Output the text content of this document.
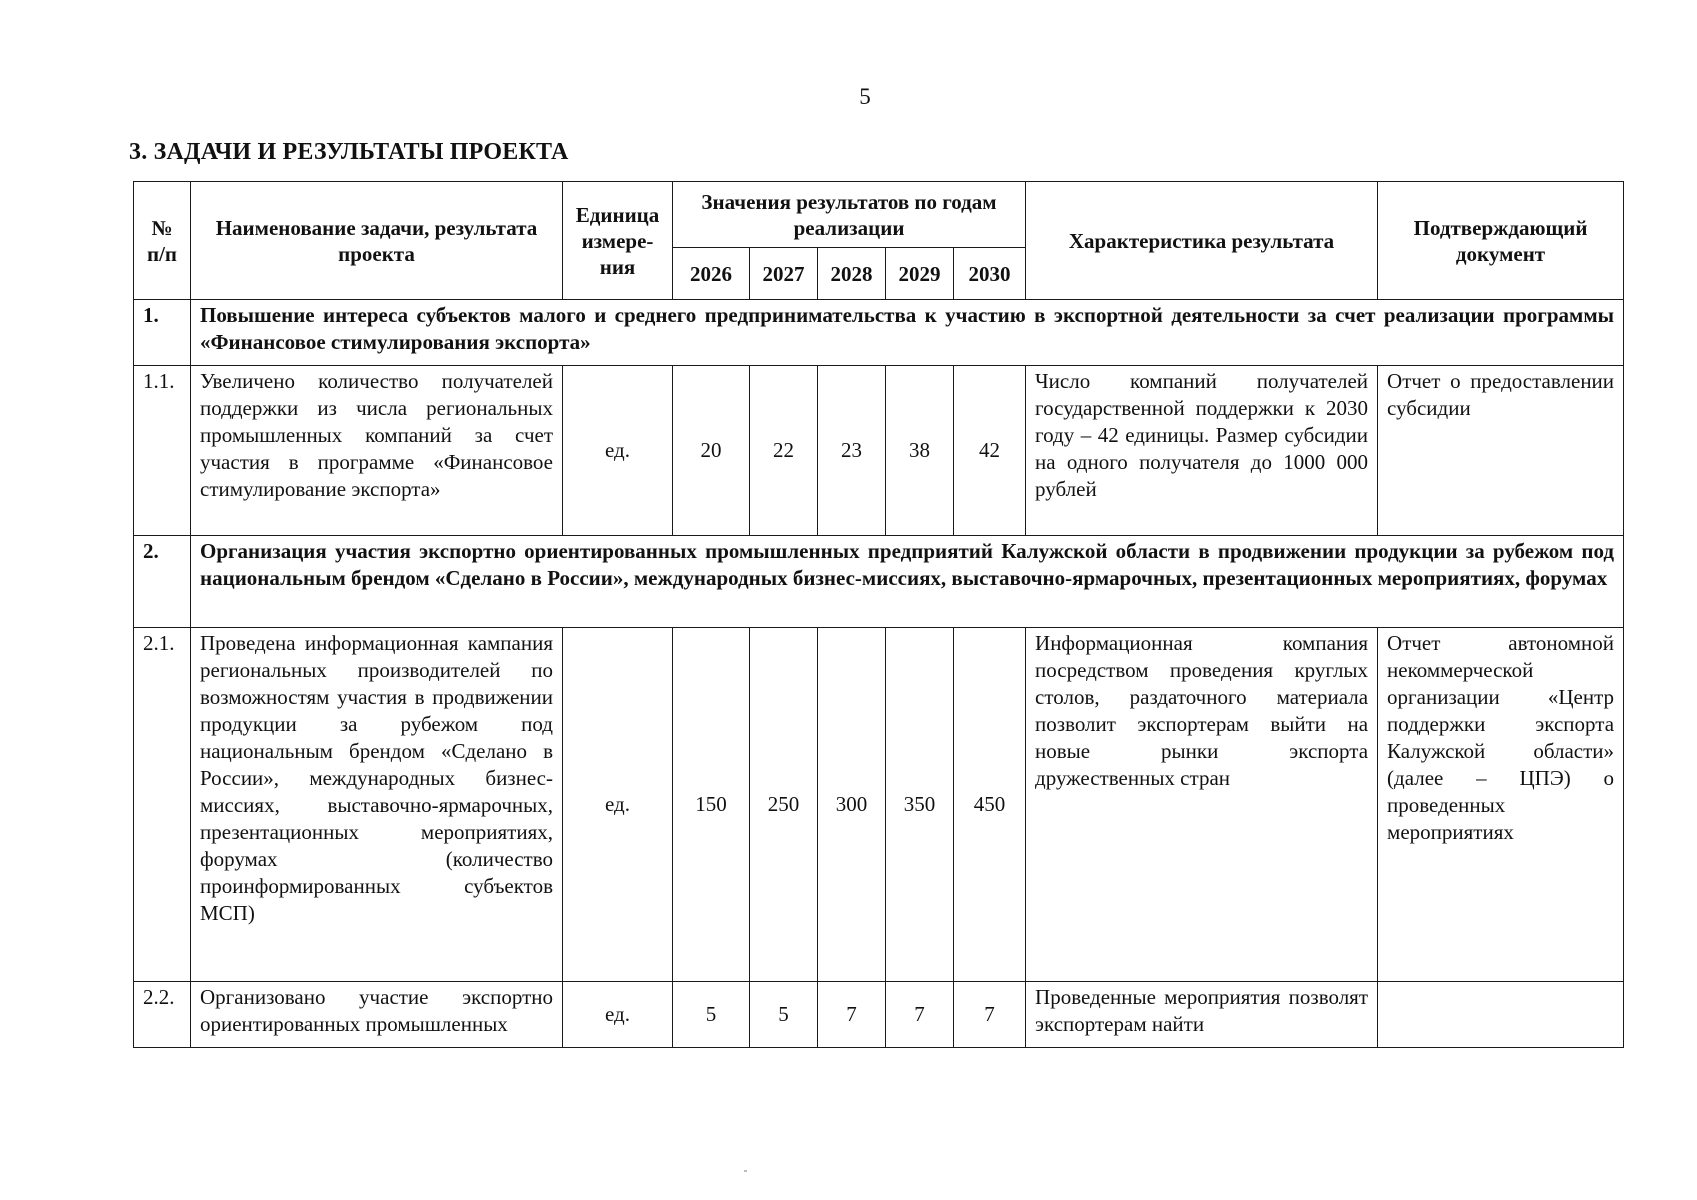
5
3. ЗАДАЧИ И РЕЗУЛЬТАТЫ ПРОЕКТА
№ п/п	Наименование задачи, результата проекта	Единица измере-ния	Значения результатов по годам реализации					Характеристика результата	Подтверждающий документ
			2026	2027	2028	2029	2030		
1.	Повышение интереса субъектов малого и среднего предпринимательства к участию в экспортной деятельности за счет реализации программы «Финансовое стимулирования экспорта»								
1.1.	Увеличено количество получателей поддержки из числа региональных промышленных компаний за счет участия в программе «Финансовое стимулирование экспорта»	ед.	20	22	23	38	42	Число компаний получателей государственной поддержки к 2030 году – 42 единицы. Размер субсидии на одного получателя до 1000 000 рублей	Отчет о предоставлении субсидии
2.	Организация участия экспортно ориентированных промышленных предприятий Калужской области в продвижении продукции за рубежом под национальным брендом «Сделано в России», международных бизнес-миссиях, выставочно-ярмарочных, презентационных мероприятиях, форумах								
2.1.	Проведена информационная кампания региональных производителей по возможностям участия в продвижении продукции за рубежом под национальным брендом «Сделано в России», международных бизнес-миссиях, выставочно-ярмарочных, презентационных мероприятиях, форумах (количество проинформированных субъектов МСП)	ед.	150	250	300	350	450	Информационная компания посредством проведения круглых столов, раздаточного материала позволит экспортерам выйти на новые рынки экспорта дружественных стран	Отчет автономной некоммерческой организации «Центр поддержки экспорта Калужской области» (далее – ЦПЭ) о проведенных мероприятиях
2.2.	Организовано участие экспортно ориентированных промышленных	ед.	5	5	7	7	7	Проведенные мероприятия позволят экспортерам найти	
